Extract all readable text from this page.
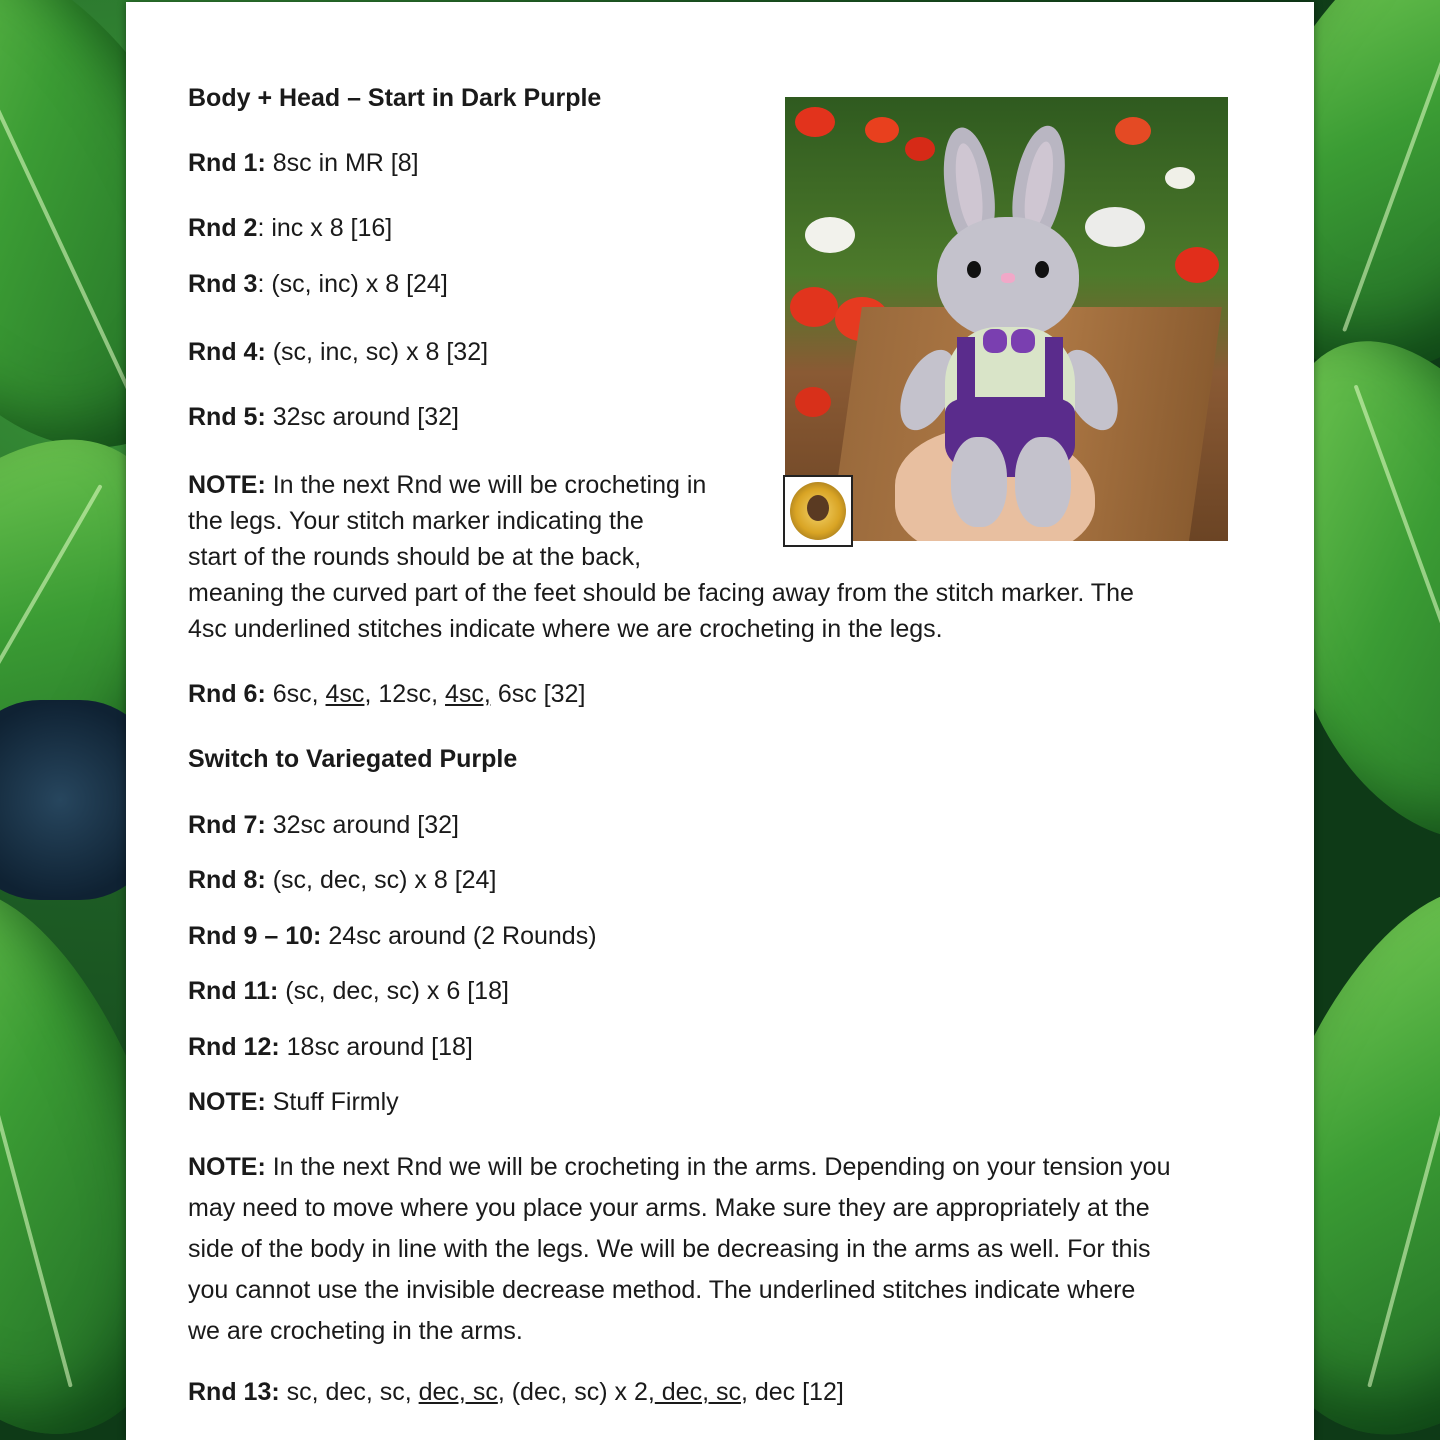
Body + Head – Start in Dark Purple
Rnd 1: 8sc in MR [8]
Rnd 2: inc x 8 [16]
Rnd 3: (sc, inc) x 8 [24]
Rnd 4: (sc, inc, sc) x 8 [32]
Rnd 5: 32sc around [32]
NOTE: In the next Rnd we will be crocheting in
the legs. Your stitch marker indicating the
start of the rounds should be at the back,
meaning the curved part of the feet should be facing away from the stitch marker. The
4sc underlined stitches indicate where we are crocheting in the legs.
Rnd 6: 6sc, 4sc, 12sc, 4sc, 6sc [32]
Switch to Variegated Purple
Rnd 7: 32sc around [32]
Rnd 8: (sc, dec, sc) x 8 [24]
Rnd 9 – 10: 24sc around (2 Rounds)
Rnd 11: (sc, dec, sc) x 6 [18]
Rnd 12: 18sc around [18]
NOTE: Stuff Firmly
NOTE: In the next Rnd we will be crocheting in the arms. Depending on your tension you
may need to move where you place your arms. Make sure they are appropriately at the
side of the body in line with the legs. We will be decreasing in the arms as well. For this
you cannot use the invisible decrease method. The underlined stitches indicate where
we are crocheting in the arms.
Rnd 13: sc, dec, sc, dec, sc, (dec, sc) x 2, dec, sc, dec [12]
